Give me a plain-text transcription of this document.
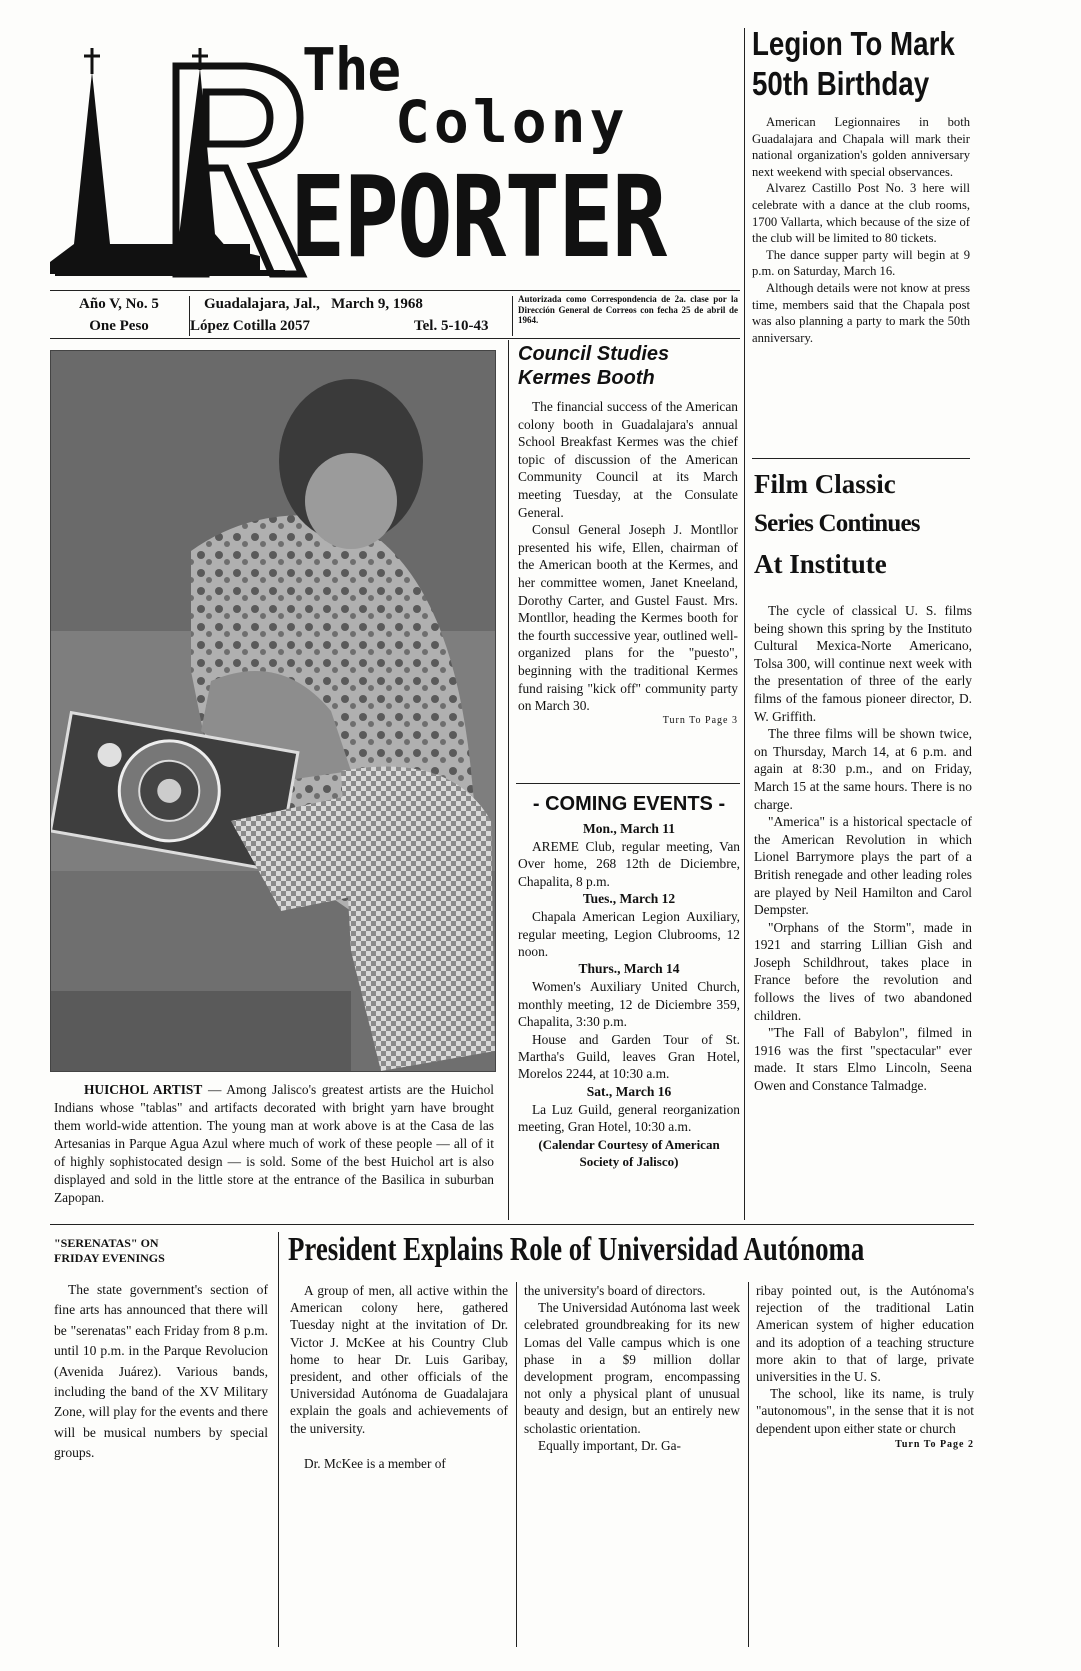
The
Colony
EPORTER
Año V, No. 5
One Peso
Guadalajara, Jal.,   March 9, 1968
López Cotilla 2057	Tel. 5-10-43
Autorizada como Correspondencia de 2a. clase por la Dirección General de Correos con fecha 25 de abril de 1964.
HUICHOL ARTIST — Among Jalisco's greatest artists are the Huichol Indians whose "tablas" and artifacts decorated with bright yarn have brought them world-wide attention. The young man at work above is at the Casa de las Artesanias in Parque Agua Azul where much of work of these people — all of it of highly sophistocated design — is sold. Some of the best Huichol art is also displayed and sold in the little store at the entrance of the Basilica in suburban Zapopan.

Council Studies

Kermes Booth

The financial success of the American colony booth in Guadalajara's annual School Breakfast Kermes was the chief topic of discussion of the American Community Council at its March meeting Tuesday, at the Consulate General.

Consul General Joseph J. Montllor presented his wife, Ellen, chairman of the American booth at the Kermes, and her committee women, Janet Kneeland, Dorothy Carter, and Gustel Faust. Mrs. Montllor, heading the Kermes booth for the fourth successive year, outlined well-organized plans for the "puesto", beginning with the traditional Kermes fund raising "kick off" community party on March 30.

Turn To Page 3

- COMING EVENTS -

Mon., March 11

AREME Club, regular meeting, Van Over home, 268 12th de Diciembre, Chapalita, 8 p.m.

Tues., March 12

Chapala American Legion Auxiliary, regular meeting, Legion Clubrooms, 12 noon.

Thurs., March 14

Women's Auxiliary United Church, monthly meeting, 12 de Diciembre 359, Chapalita, 3:30 p.m.

House and Garden Tour of St. Martha's Guild, leaves Gran Hotel, Morelos 2244, at 10:30 a.m.

Sat., March 16

La Luz Guild, general reorganization meeting, Gran Hotel, 10:30 a.m.

(Calendar Courtesy of American Society of Jalisco)

Legion To Mark

50th Birthday

American Legionnaires in both Guadalajara and Chapala will mark their national organization's golden anniversary next weekend with special observances.

Alvarez Castillo Post No. 3 here will celebrate with a dance at the club rooms, 1700 Vallarta, which because of the size of the club will be limited to 80 tickets.

The dance supper party will begin at 9 p.m. on Saturday, March 16.

Although details were not know at press time, members said that the Chapala post was also planning a party to mark the 50th anniversary.

Film Classic

Series Continues

At Institute

The cycle of classical U. S. films being shown this spring by the Instituto Cultural Mexica-Norte Americano, Tolsa 300, will continue next week with the presentation of three of the early films of the famous pioneer director, D. W. Griffith.

The three films will be shown twice, on Thursday, March 14, at 6 p.m. and again at 8:30 p.m., and on Friday, March 15 at the same hours. There is no charge.

"America" is a historical spectacle of the American Revolution in which Lionel Barrymore plays the part of a British renegade and other leading roles are played by Neil Hamilton and Carol Dempster.

"Orphans of the Storm", made in 1921 and starring Lillian Gish and Joseph Schildhrout, takes place in France before the revolution and follows the lives of two abandoned children.

"The Fall of Babylon", filmed in 1916 was the first "spectacular" ever made. It stars Elmo Lincoln, Seena Owen and Constance Talmadge.

"SERENATAS" ON

FRIDAY EVENINGS

The state government's section of fine arts has announced that there will be "serenatas" each Friday from 8 p.m. until 10 p.m. in the Parque Revolucion (Avenida Juárez). Various bands, including the band of the XV Military Zone, will play for the events and there will be musical numbers by special groups.

President Explains Role of Universidad Autónoma

A group of men, all active within the American colony here, gathered Tuesday night at the invitation of Dr. Victor J. McKee at his Country Club home to hear Dr. Luis Garibay, president, and other officials of the Universidad Autónoma de Guadalajara explain the goals and achievements of the university.

Dr. McKee is a member of

the university's board of directors.

The Universidad Autónoma last week celebrated groundbreaking for its new Lomas del Valle campus which is one phase in a $9 million dollar development program, encompassing not only a physical plant of unusual beauty and design, but an entirely new scholastic orientation.

Equally important, Dr. Ga-

ribay pointed out, is the Autónoma's rejection of the traditional Latin American system of higher education and its adoption of a teaching structure more akin to that of large, private universities in the U. S.

The school, like its name, is truly "autonomous", in the sense that it is not dependent upon either state or church

Turn To Page 2
